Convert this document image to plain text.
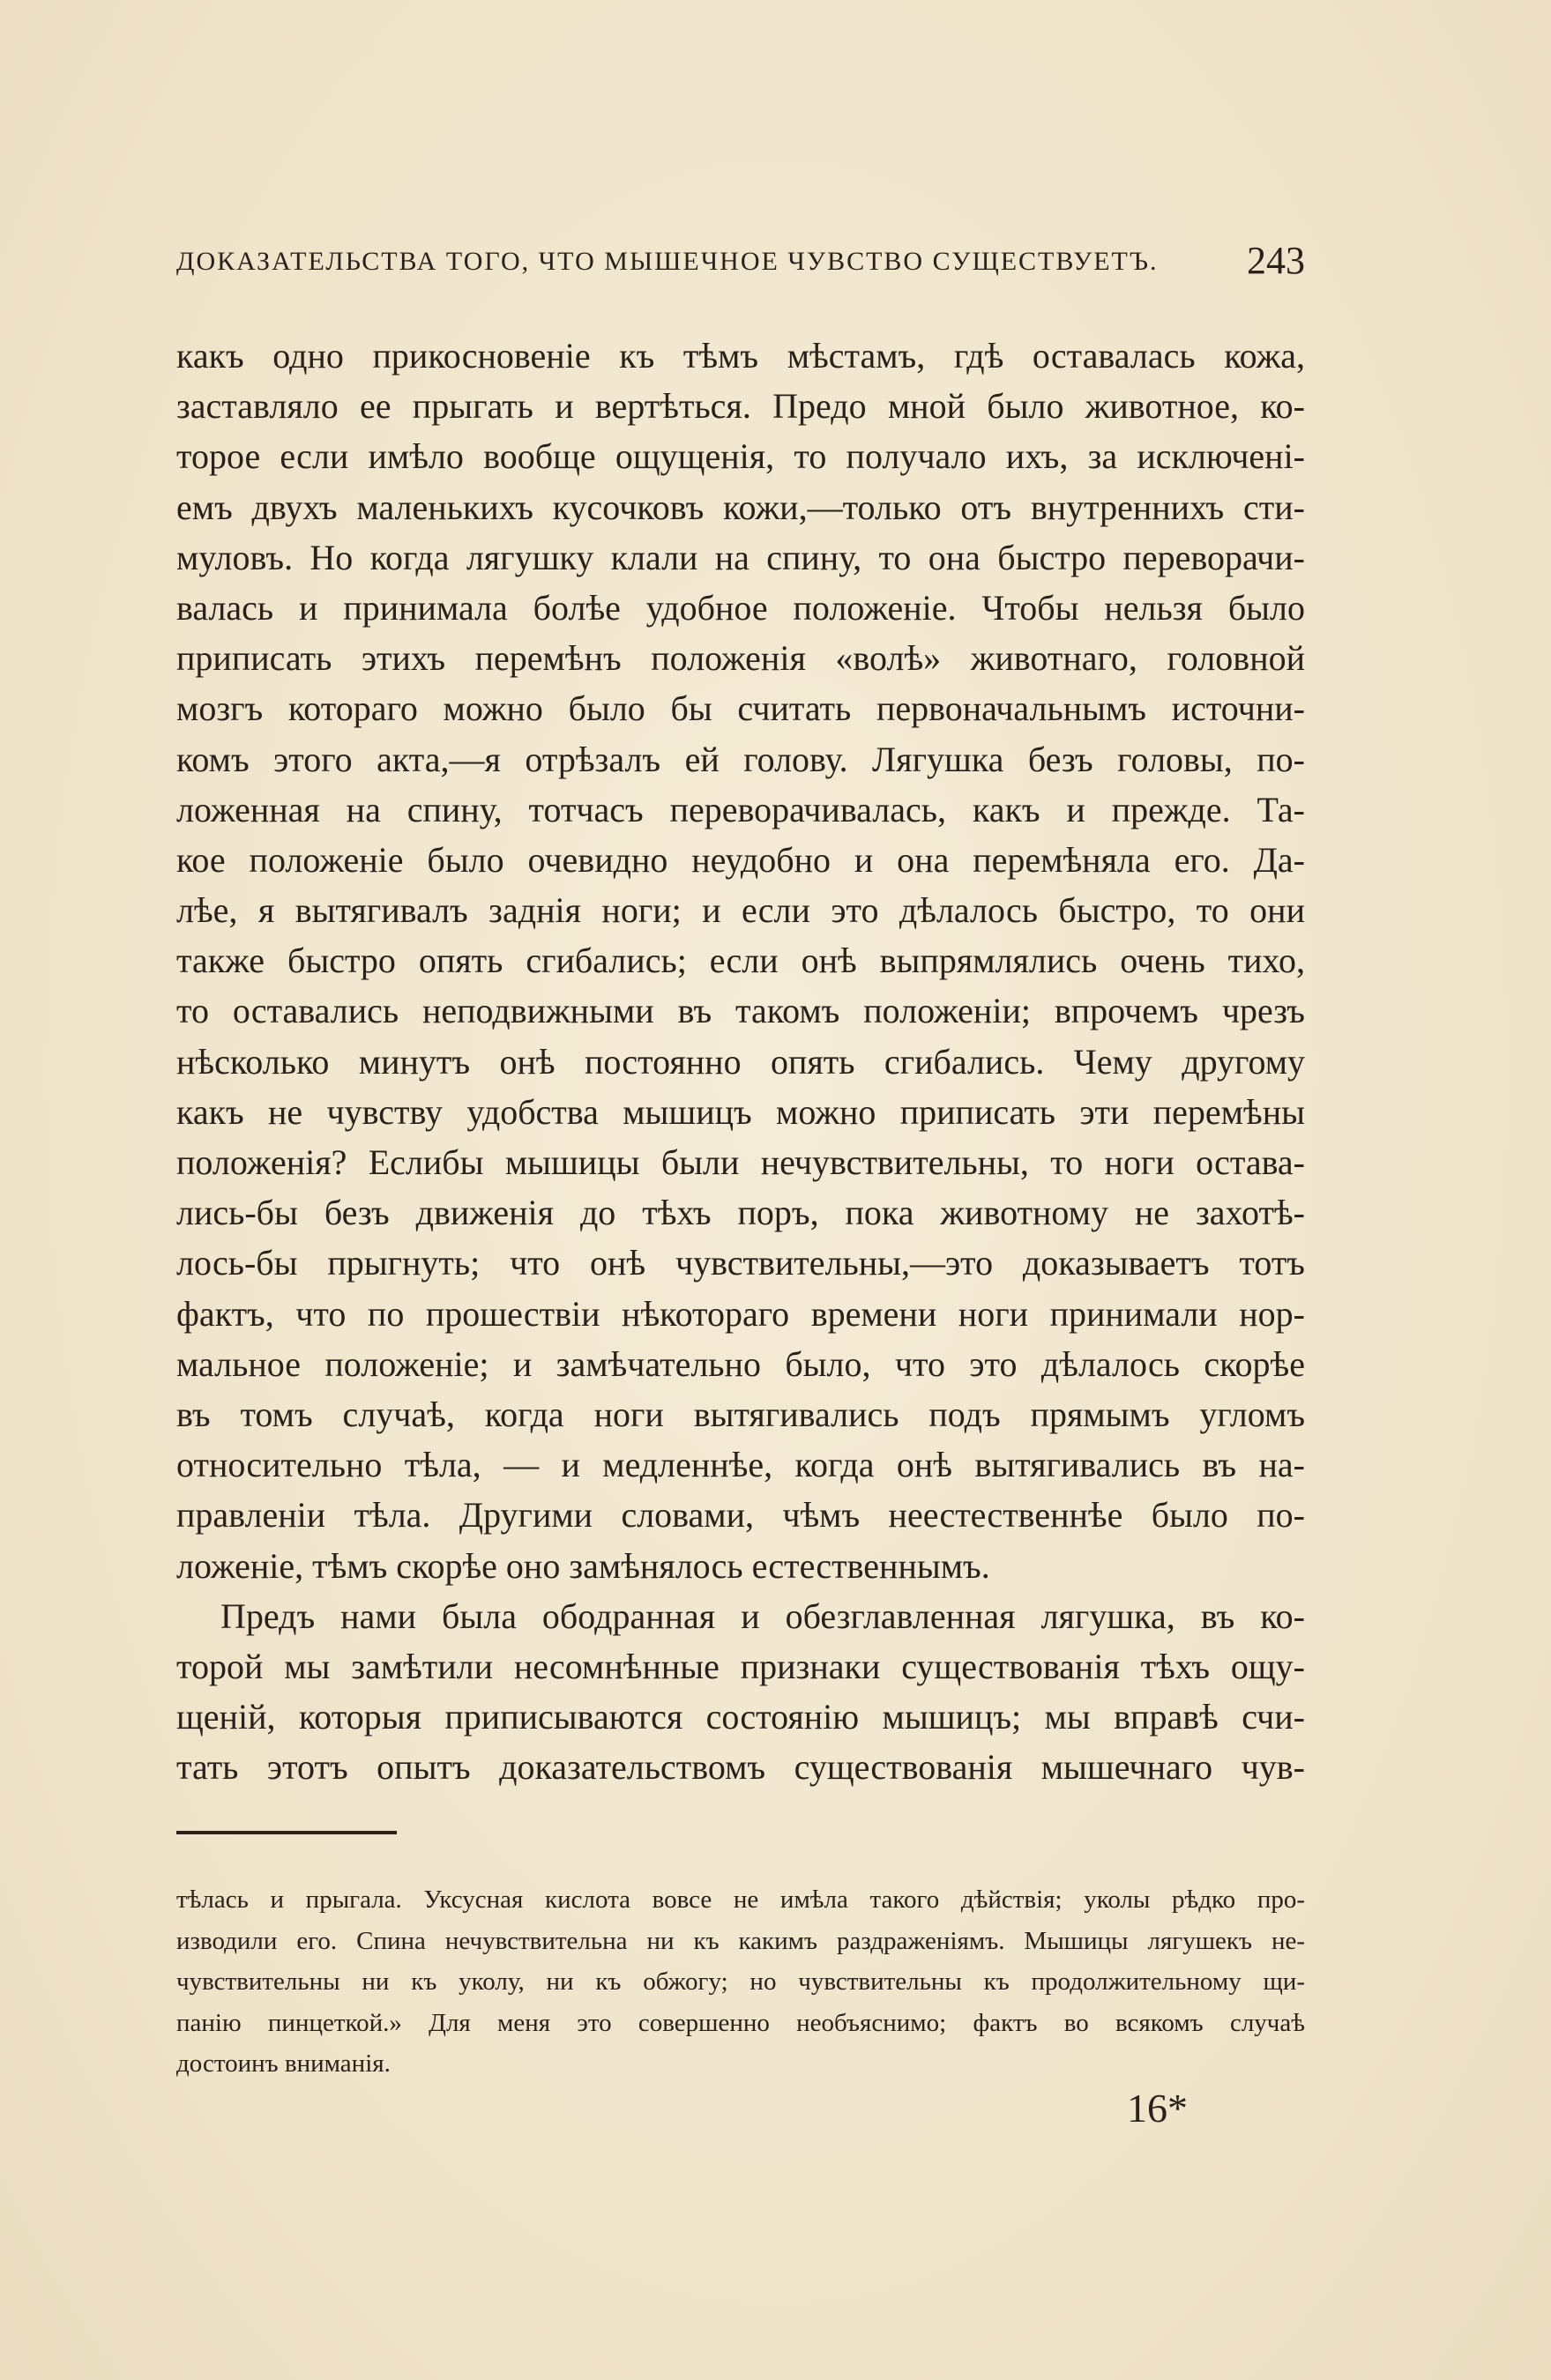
ДОКАЗАТЕЛЬСТВА ТОГО, ЧТО МЫШЕЧНОЕ ЧУВСТВО СУЩЕСТВУЕТЪ. 243
какъ одно прикосновеніе къ тѣмъ мѣстамъ, гдѣ оставалась кожа,
заставляло ее прыгать и вертѣться. Предо мной было животное, ко-
торое если имѣло вообще ощущенія, то получало ихъ, за исключені-
емъ двухъ маленькихъ кусочковъ кожи,—только отъ внутреннихъ сти-
муловъ. Но когда лягушку клали на спину, то она быстро переворачи-
валась и принимала болѣе удобное положеніе. Чтобы нельзя было
приписать этихъ перемѣнъ положенія «волѣ» животнаго, головной
мозгъ котораго можно было бы считать первоначальнымъ источни-
комъ этого акта,—я отрѣзалъ ей голову. Лягушка безъ головы, по-
ложенная на спину, тотчасъ переворачивалась, какъ и прежде. Та-
кое положеніе было очевидно неудобно и она перемѣняла его. Да-
лѣе, я вытягивалъ заднія ноги; и если это дѣлалось быстро, то они
также быстро опять сгибались; если онѣ выпрямлялись очень тихо,
то оставались неподвижными въ такомъ положеніи; впрочемъ чрезъ
нѣсколько минутъ онѣ постоянно опять сгибались. Чему другому
какъ не чувству удобства мышицъ можно приписать эти перемѣны
положенія? Еслибы мышицы были нечувствительны, то ноги остава-
лись-бы безъ движенія до тѣхъ поръ, пока животному не захотѣ-
лось-бы прыгнуть; что онѣ чувствительны,—это доказываетъ тотъ
фактъ, что по прошествіи нѣкотораго времени ноги принимали нор-
мальное положеніе; и замѣчательно было, что это дѣлалось скорѣе
въ томъ случаѣ, когда ноги вытягивались подъ прямымъ угломъ
относительно тѣла, — и медленнѣе, когда онѣ вытягивались въ на-
правленіи тѣла. Другими словами, чѣмъ неестественнѣе было по-
ложеніе, тѣмъ скорѣе оно замѣнялось естественнымъ.
Предъ нами была ободранная и обезглавленная лягушка, въ ко-
торой мы замѣтили несомнѣнные признаки существованія тѣхъ ощу-
щеній, которыя приписываются состоянію мышицъ; мы вправѣ счи-
тать этотъ опытъ доказательствомъ существованія мышечнаго чув-
тѣлась и прыгала. Уксусная кислота вовсе не имѣла такого дѣйствія; уколы рѣдко про-
изводили его. Спина нечувствительна ни къ какимъ раздраженіямъ. Мышицы лягушекъ не-
чувствительны ни къ уколу, ни къ обжогу; но чувствительны къ продолжительному щи-
панію пинцеткой.» Для меня это совершенно необъяснимо; фактъ во всякомъ случаѣ
достоинъ вниманія.
16*
